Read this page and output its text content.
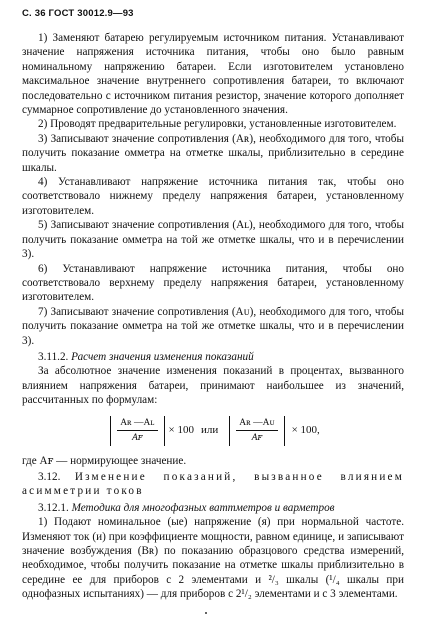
С. 36 ГОСТ 30012.9—93

1) Заменяют батарею регулируемым источником питания. Устанавливают значение напряжения источника питания, чтобы оно было равным номинальному напряжению батареи. Если изготовителем установлено максимальное значение внутреннего сопротивления батареи, то включают последовательно с источником питания резистор, значение которого дополняет суммарное сопротивление до установленного значения.

2) Проводят предварительные регулировки, установленные изготовителем.

3) Записывают значение сопротивления (Aʀ), необходимого для того, чтобы получить показание омметра на отметке шкалы, приблизительно в середине шкалы.

4) Устанавливают напряжение источника питания так, чтобы оно соответствовало нижнему пределу напряжения батареи, установленному изготовителем.

5) Записывают значение сопротивления (Aʟ), необходимого для того, чтобы получить показание омметра на той же отметке шкалы, что и в перечислении 3).

6) Устанавливают напряжение источника питания, чтобы оно соответствовало верхнему пределу напряжения батареи, установленному изготовителем.

7) Записывают значение сопротивления (Aᴜ), необходимого для того, чтобы получить показание омметра на той же отметке шкалы, что и в перечислении 3).

3.11.2. Расчет значения изменения показаний

За абсолютное значение изменения показаний в процентах, вызванного влиянием напряжения батареи, принимают наибольшее из значений, рассчитанных по формулам:

$\frac{\text{Aʀ —Aʟ}}{\text{Aꜰ}} \times 100$ или $\frac{\text{Aʀ —Aᴜ}}{\text{Aꜰ}} \times 100$,

где Aꜰ — нормирующее значение.

3.12. Изменение показаний, вызванное влиянием асимметрии токов

3.12.1. Методика для многофазных ваттметров и варметров

1) Подают номинальное (ые) напряжение (я) при нормальной частоте. Изменяют ток (и) при коэффициенте мощности, равном единице, и записывают значение возбуждения (Bʀ) по показанию образцового средства измерений, необходимое, чтобы получить показание на отметке шкалы приблизительно в середине ее для приборов с 2 элементами и ²/₃ шкалы (¹/₄ шкалы при однофазных испытаниях) — для приборов с 2¹/₂ элементами и с 3 элементами.
